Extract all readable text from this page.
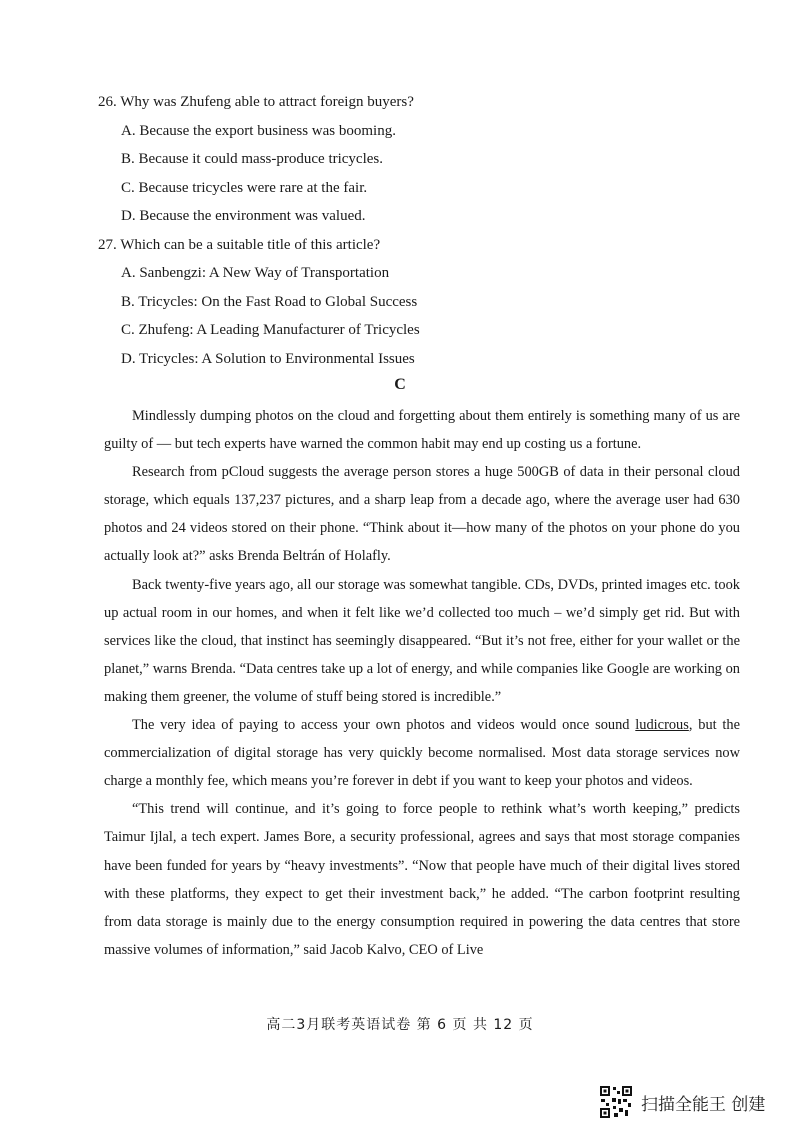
26. Why was Zhufeng able to attract foreign buyers?
A. Because the export business was booming.
B. Because it could mass-produce tricycles.
C. Because tricycles were rare at the fair.
D. Because the environment was valued.
27. Which can be a suitable title of this article?
A. Sanbengzi: A New Way of Transportation
B. Tricycles: On the Fast Road to Global Success
C. Zhufeng: A Leading Manufacturer of Tricycles
D. Tricycles: A Solution to Environmental Issues
C

Mindlessly dumping photos on the cloud and forgetting about them entirely is something many of us are guilty of — but tech experts have warned the common habit may end up costing us a fortune.

Research from pCloud suggests the average person stores a huge 500GB of data in their personal cloud storage, which equals 137,237 pictures, and a sharp leap from a decade ago, where the average user had 630 photos and 24 videos stored on their phone. “Think about it—how many of the photos on your phone do you actually look at?” asks Brenda Beltrán of Holafly.

Back twenty-five years ago, all our storage was somewhat tangible. CDs, DVDs, printed images etc. took up actual room in our homes, and when it felt like we’d collected too much – we’d simply get rid. But with services like the cloud, that instinct has seemingly disappeared. “But it’s not free, either for your wallet or the planet,” warns Brenda. “Data centres take up a lot of energy, and while companies like Google are working on making them greener, the volume of stuff being stored is incredible.”

The very idea of paying to access your own photos and videos would once sound ludicrous, but the commercialization of digital storage has very quickly become normalised. Most data storage services now charge a monthly fee, which means you’re forever in debt if you want to keep your photos and videos.

“This trend will continue, and it’s going to force people to rethink what’s worth keeping,” predicts Taimur Ijlal, a tech expert. James Bore, a security professional, agrees and says that most storage companies have been funded for years by “heavy investments”. “Now that people have much of their digital lives stored with these platforms, they expect to get their investment back,” he added. “The carbon footprint resulting from data storage is mainly due to the energy consumption required in powering the data centres that store massive volumes of information,” said Jacob Kalvo, CEO of Live

高二3月联考英语试卷 第 6 页 共 12 页
扫描全能王 创建
